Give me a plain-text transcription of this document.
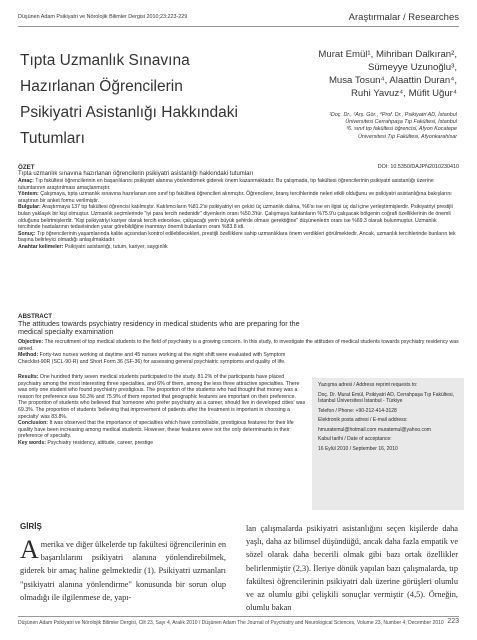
Düşünen Adam Psikiyatri ve Nörolojik Bilimler Dergisi 2010;23:223-229	Araştırmalar / Researches
Tıpta Uzmanlık Sınavına
Hazırlanan Öğrencilerin
Psikiyatri Asistanlığı Hakkındaki
Tutumları
Murat Emül¹, Mihriban Dalkıran²,
Sümeyye Uzunoğlu³,
Musa Tosun⁴, Alaattin Duran⁴,
Ruhi Yavuz⁴, Müfit Uğur⁴
¹Doç. Dr., ²Arş. Gör., ⁴Prof. Dr., Psikiyatri AD, İstanbul
Üniversitesi Cerrahpaşa Tıp Fakültesi, İstanbul
³6. sınıf tıp fakültesi öğrencisi, Afyon Kocatepe
Üniversitesi Tıp Fakültesi, Afyonkarahisar
ÖZET
Tıpta uzmanlık sınavına hazırlanan öğrencilerin psikiyatri asistanlığı hakkındaki tutumları

Amaç: Tıp fakültesi öğrencilerinin en başarılılarını psikiyatri alanına yönlendirmek giderek önem kazanmaktadır. Bu çalışmada, tıp fakültesi öğrencilerinin psikiyatri asistanlığı üzerine tutumlarının araştırılması amaçlanmıştır.

Yöntem: Çalışmaya, tıpta uzmanlık sınavına hazırlanan son sınıf tıp fakültesi öğrencileri alınmıştır. Öğrencilere, branş tercihlerinde neleri etkili olduğunu ve psikiyatri asistanlığına bakışlarını araştıran bir anket formu verilmiştir.

Bulgular: Araştırmaya 137 tıp fakültesi öğrencisi katılmıştır. Katılımcıların %81.2'si psikiyatriyi en çekici üç uzmanlık dalına, %6'sı ise en ilgisi üç dal içine yerleştirmişlerdir. Psikiyatriyi prestijli bulan yaklaşık bir kişi olmuştur. Uzmanlık seçimlerinde "iyi para tercih nedenidir" diyenlerin oranı %50.3'tür. Çalışmaya katılanların %75.9'u çalışacak bölgenin coğrafi özelliklerinin de önemli olduğunu belirtmişlerdir. "Kişi psikiyatriyi kariyer olarak tercih edecekse, çalışacağı yerin büyük şehirde olması gerektiğine" düşünenlerin oranı ise %69.3 olarak bulunmuştur. Uzmanlık tercihinde hastalarının tedavisinden yarar görebildiğine inanmayı önemli bulanların oranı %83.8 idi.

Sonuç: Tıp öğrencilerinin yaşamlarında kalite açısından kontrol edilebilecekleri, prestijli özelliklere sahip uzmanlıklara önem verdikleri görülmektedir. Ancak, uzmanlık tercihlerinde bunların tek başına belirleyici olmadığı anlaşılmaktadır.

Anahtar kelimeler: Psikiyatri asistanlığı, tutum, kariyer, saygınlık

DOI: 10.5350/DAJPN2010230410
ABSTRACT
The attitudes towards psychiatry residency in medical students who are preparing for the medical specialty examination

Objective: The recruitment of top medical students to the field of psychiatry is a growing concern. In this study, to investigate the attitudes of medical students towards psychiatry residency was aimed.

Method: Forty-two nurses working at daytime and 45 nurses working at the night shift were evaluated with Symptom Checklist-90R (SCL-90-R) and Short Form 36 (SF-36) for assessing general psychiatric symptoms and quality of life.

Results: One hundred thirty seven medical students participated to the study. 81.2% of the participants have placed psychiatry among the most interesting three specialties, and 6% of them, among the less three attractive specialties. There was only one student who found psychiatry prestigious. The proportion of the students who had thought that money was a reason for preference was 50.3% and 75.9% of them reported that geographic features are important on their preference. The proportion of students who believed that 'someone who prefer psychiatry as a career, should live in developed cities' was 69.3%. The proportion of students 'believing that improvement of patients after the treatment is important in choosing a specialty' was 83.8%.

Conclusion: It was observed that the importance of specialties which have controllable, prestigious features for their life quality have been increasing among medical students. However, these features were not the only determinants in their preference of specialty.

Key words: Psychiatry residency, attitude, career, prestige

Yazışma adresi / Address reprint requests to:

Doç. Dr. Murat Emül, Psikiyatri AD, Cerrahpaşa Tıp Fakültesi, İstanbul Üniversitesi İstanbul - Türkiye

Telefon / Phone: +90-212-414-3128

Elektronik posta adresi / E-mail address:

hmuratemul@hotmail.com muratemul@yahoo.com

Kabul tarihi / Date of acceptance:

16 Eylül 2010 / September 16, 2010

GİRİŞ
Amerika ve diğer ülkelerde tıp fakültesi öğrencilerinin en başarılılarını psikiyatri alanına yönlendirebilmek, giderek bir amaç haline gelmektedir (1). Psikiyatri uzmanları "psikiyatri alanına yönlendirme" konusunda bir sorun olup olmadığı ile ilgilenmese de, yapı-
lan çalışmalarda psikiyatri asistanlığını seçen kişilerde daha yaşlı, daha az bilimsel düşündüğü, ancak daha fazla empatik ve sözel olarak daha becerili olmak gibi bazı ortak özellikler belirlenmiştir (2,3). İleriye dönük yapılan bazı çalışmalarda, tıp fakültesi öğrencilerinin psikiyatri dalı üzerine görüşleri olumlu ve az olumlu gibi çelişkili sonuçlar vermiştir (4,5). Örneğin, olumlu bakan
Düşünen Adam Psikiyatri ve Nörolojik Bilimler Dergisi, Cilt 23, Sayı 4, Aralık 2010 / Düşünen Adam The Journal of Psychiatry and Neurological Sciences, Volume 23, Number 4, December 2010 223
